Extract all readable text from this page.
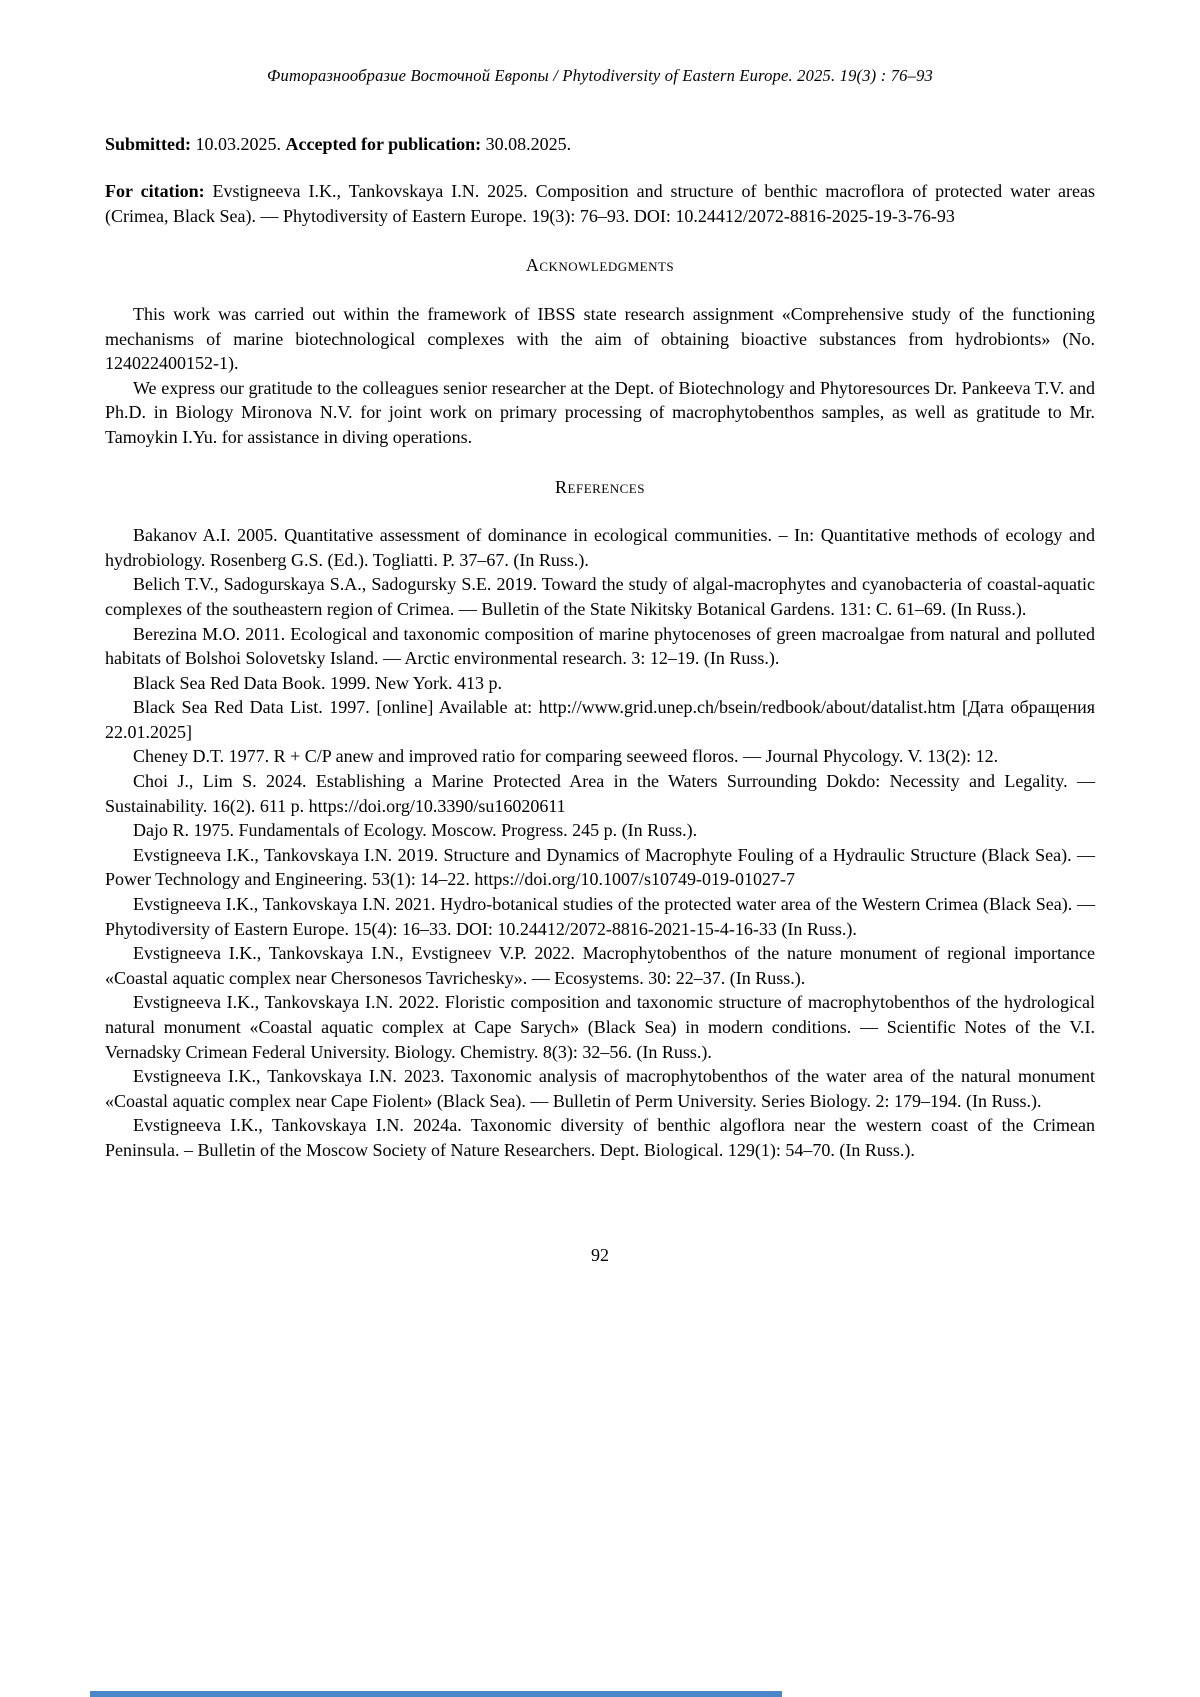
Фиторазнообразие Восточной Европы / Phytodiversity of Eastern Europe. 2025. 19(3) : 76–93

Submitted: 10.03.2025. Accepted for publication: 30.08.2025.

For citation: Evstigneeva I.K., Tankovskaya I.N. 2025. Composition and structure of benthic macroflora of protected water areas (Crimea, Black Sea). — Phytodiversity of Eastern Europe. 19(3): 76–93. DOI: 10.24412/2072-8816-2025-19-3-76-93

Acknowledgments

This work was carried out within the framework of IBSS state research assignment «Comprehensive study of the functioning mechanisms of marine biotechnological complexes with the aim of obtaining bioactive substances from hydrobionts» (No. 124022400152-1).

We express our gratitude to the colleagues senior researcher at the Dept. of Biotechnology and Phytoresources Dr. Pankeeva T.V. and Ph.D. in Biology Mironova N.V. for joint work on primary processing of macrophytobenthos samples, as well as gratitude to Mr. Tamoykin I.Yu. for assistance in diving operations.

References

Bakanov A.I. 2005. Quantitative assessment of dominance in ecological communities. – In: Quantitative methods of ecology and hydrobiology. Rosenberg G.S. (Ed.). Togliatti. P. 37–67. (In Russ.).

Belich T.V., Sadogurskaya S.A., Sadogursky S.E. 2019. Toward the study of algal-macrophytes and cyanobacteria of coastal-aquatic complexes of the southeastern region of Crimea. — Bulletin of the State Nikitsky Botanical Gardens. 131: C. 61–69. (In Russ.).

Berezina M.O. 2011. Ecological and taxonomic composition of marine phytocenoses of green macroalgae from natural and polluted habitats of Bolshoi Solovetsky Island. — Arctic environmental research. 3: 12–19. (In Russ.).

Black Sea Red Data Book. 1999. New York. 413 p.

Black Sea Red Data List. 1997. [online] Available at: http://www.grid.unep.ch/bsein/redbook/about/datalist.htm [Дата обращения 22.01.2025]

Cheney D.T. 1977. R + C/P anew and improved ratio for comparing seeweed floros. — Journal Phycology. V. 13(2): 12.

Choi J., Lim S. 2024. Establishing a Marine Protected Area in the Waters Surrounding Dokdo: Necessity and Legality. — Sustainability. 16(2). 611 p. https://doi.org/10.3390/su16020611

Dajo R. 1975. Fundamentals of Ecology. Moscow. Progress. 245 p. (In Russ.).

Evstigneeva I.K., Tankovskaya I.N. 2019. Structure and Dynamics of Macrophyte Fouling of a Hydraulic Structure (Black Sea). — Power Technology and Engineering. 53(1): 14–22. https://doi.org/10.1007/s10749-019-01027-7

Evstigneeva I.K., Tankovskaya I.N. 2021. Hydro-botanical studies of the protected water area of the Western Crimea (Black Sea). — Phytodiversity of Eastern Europe. 15(4): 16–33. DOI: 10.24412/2072-8816-2021-15-4-16-33 (In Russ.).

Evstigneeva I.K., Tankovskaya I.N., Evstigneev V.P. 2022. Macrophytobenthos of the nature monument of regional importance «Coastal aquatic complex near Chersonesos Tavrichesky». — Ecosystems. 30: 22–37. (In Russ.).

Evstigneeva I.K., Tankovskaya I.N. 2022. Floristic composition and taxonomic structure of macrophytobenthos of the hydrological natural monument «Coastal aquatic complex at Cape Sarych» (Black Sea) in modern conditions. — Scientific Notes of the V.I. Vernadsky Crimean Federal University. Biology. Chemistry. 8(3): 32–56. (In Russ.).

Evstigneeva I.K., Tankovskaya I.N. 2023. Taxonomic analysis of macrophytobenthos of the water area of the natural monument «Coastal aquatic complex near Cape Fiolent» (Black Sea). — Bulletin of Perm University. Series Biology. 2: 179–194. (In Russ.).

Evstigneeva I.K., Tankovskaya I.N. 2024a. Taxonomic diversity of benthic algoflora near the western coast of the Crimean Peninsula. – Bulletin of the Moscow Society of Nature Researchers. Dept. Biological. 129(1): 54–70. (In Russ.).

92
